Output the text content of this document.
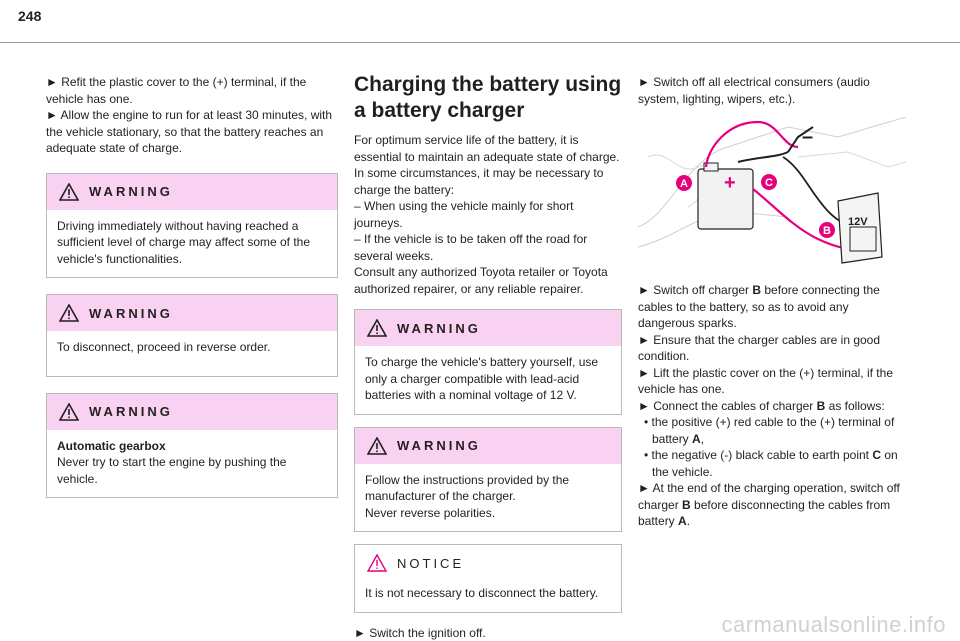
248

► Refit the plastic cover to the (+) terminal, if the vehicle has one.

► Allow the engine to run for at least 30 minutes, with the vehicle stationary, so that the battery reaches an adequate state of charge.

WARNING
Driving immediately without having reached a sufficient level of charge may affect some of the vehicle's functionalities.
WARNING
To disconnect, proceed in reverse order.
WARNING
Automatic gearbox
Never try to start the engine by pushing the vehicle.
Charging the battery using a battery charger

For optimum service life of the battery, it is essential to maintain an adequate state of charge.

In some circumstances, it may be necessary to charge the battery:

– When using the vehicle mainly for short journeys.

– If the vehicle is to be taken off the road for several weeks.

Consult any authorized Toyota retailer or Toyota authorized repairer, or any reliable repairer.

WARNING
To charge the vehicle's battery yourself, use only a charger compatible with lead-acid batteries with a nominal voltage of 12 V.
WARNING
Follow the instructions provided by the manufacturer of the charger.
Never reverse polarities.
NOTICE
It is not necessary to disconnect the battery.

► Switch the ignition off.

► Switch off all electrical consumers (audio system, lighting, wipers, etc.).

+
–
A	C
B
12V

► Switch off charger B before connecting the cables to the battery, so as to avoid any dangerous sparks.

► Ensure that the charger cables are in good condition.

► Lift the plastic cover on the (+) terminal, if the vehicle has one.

► Connect the cables of charger B as follows:

• the positive (+) red cable to the (+) terminal of battery A,

• the negative (-) black cable to earth point C on the vehicle.

► At the end of the charging operation, switch off charger B before disconnecting the cables from battery A.

carmanualsonline.info
